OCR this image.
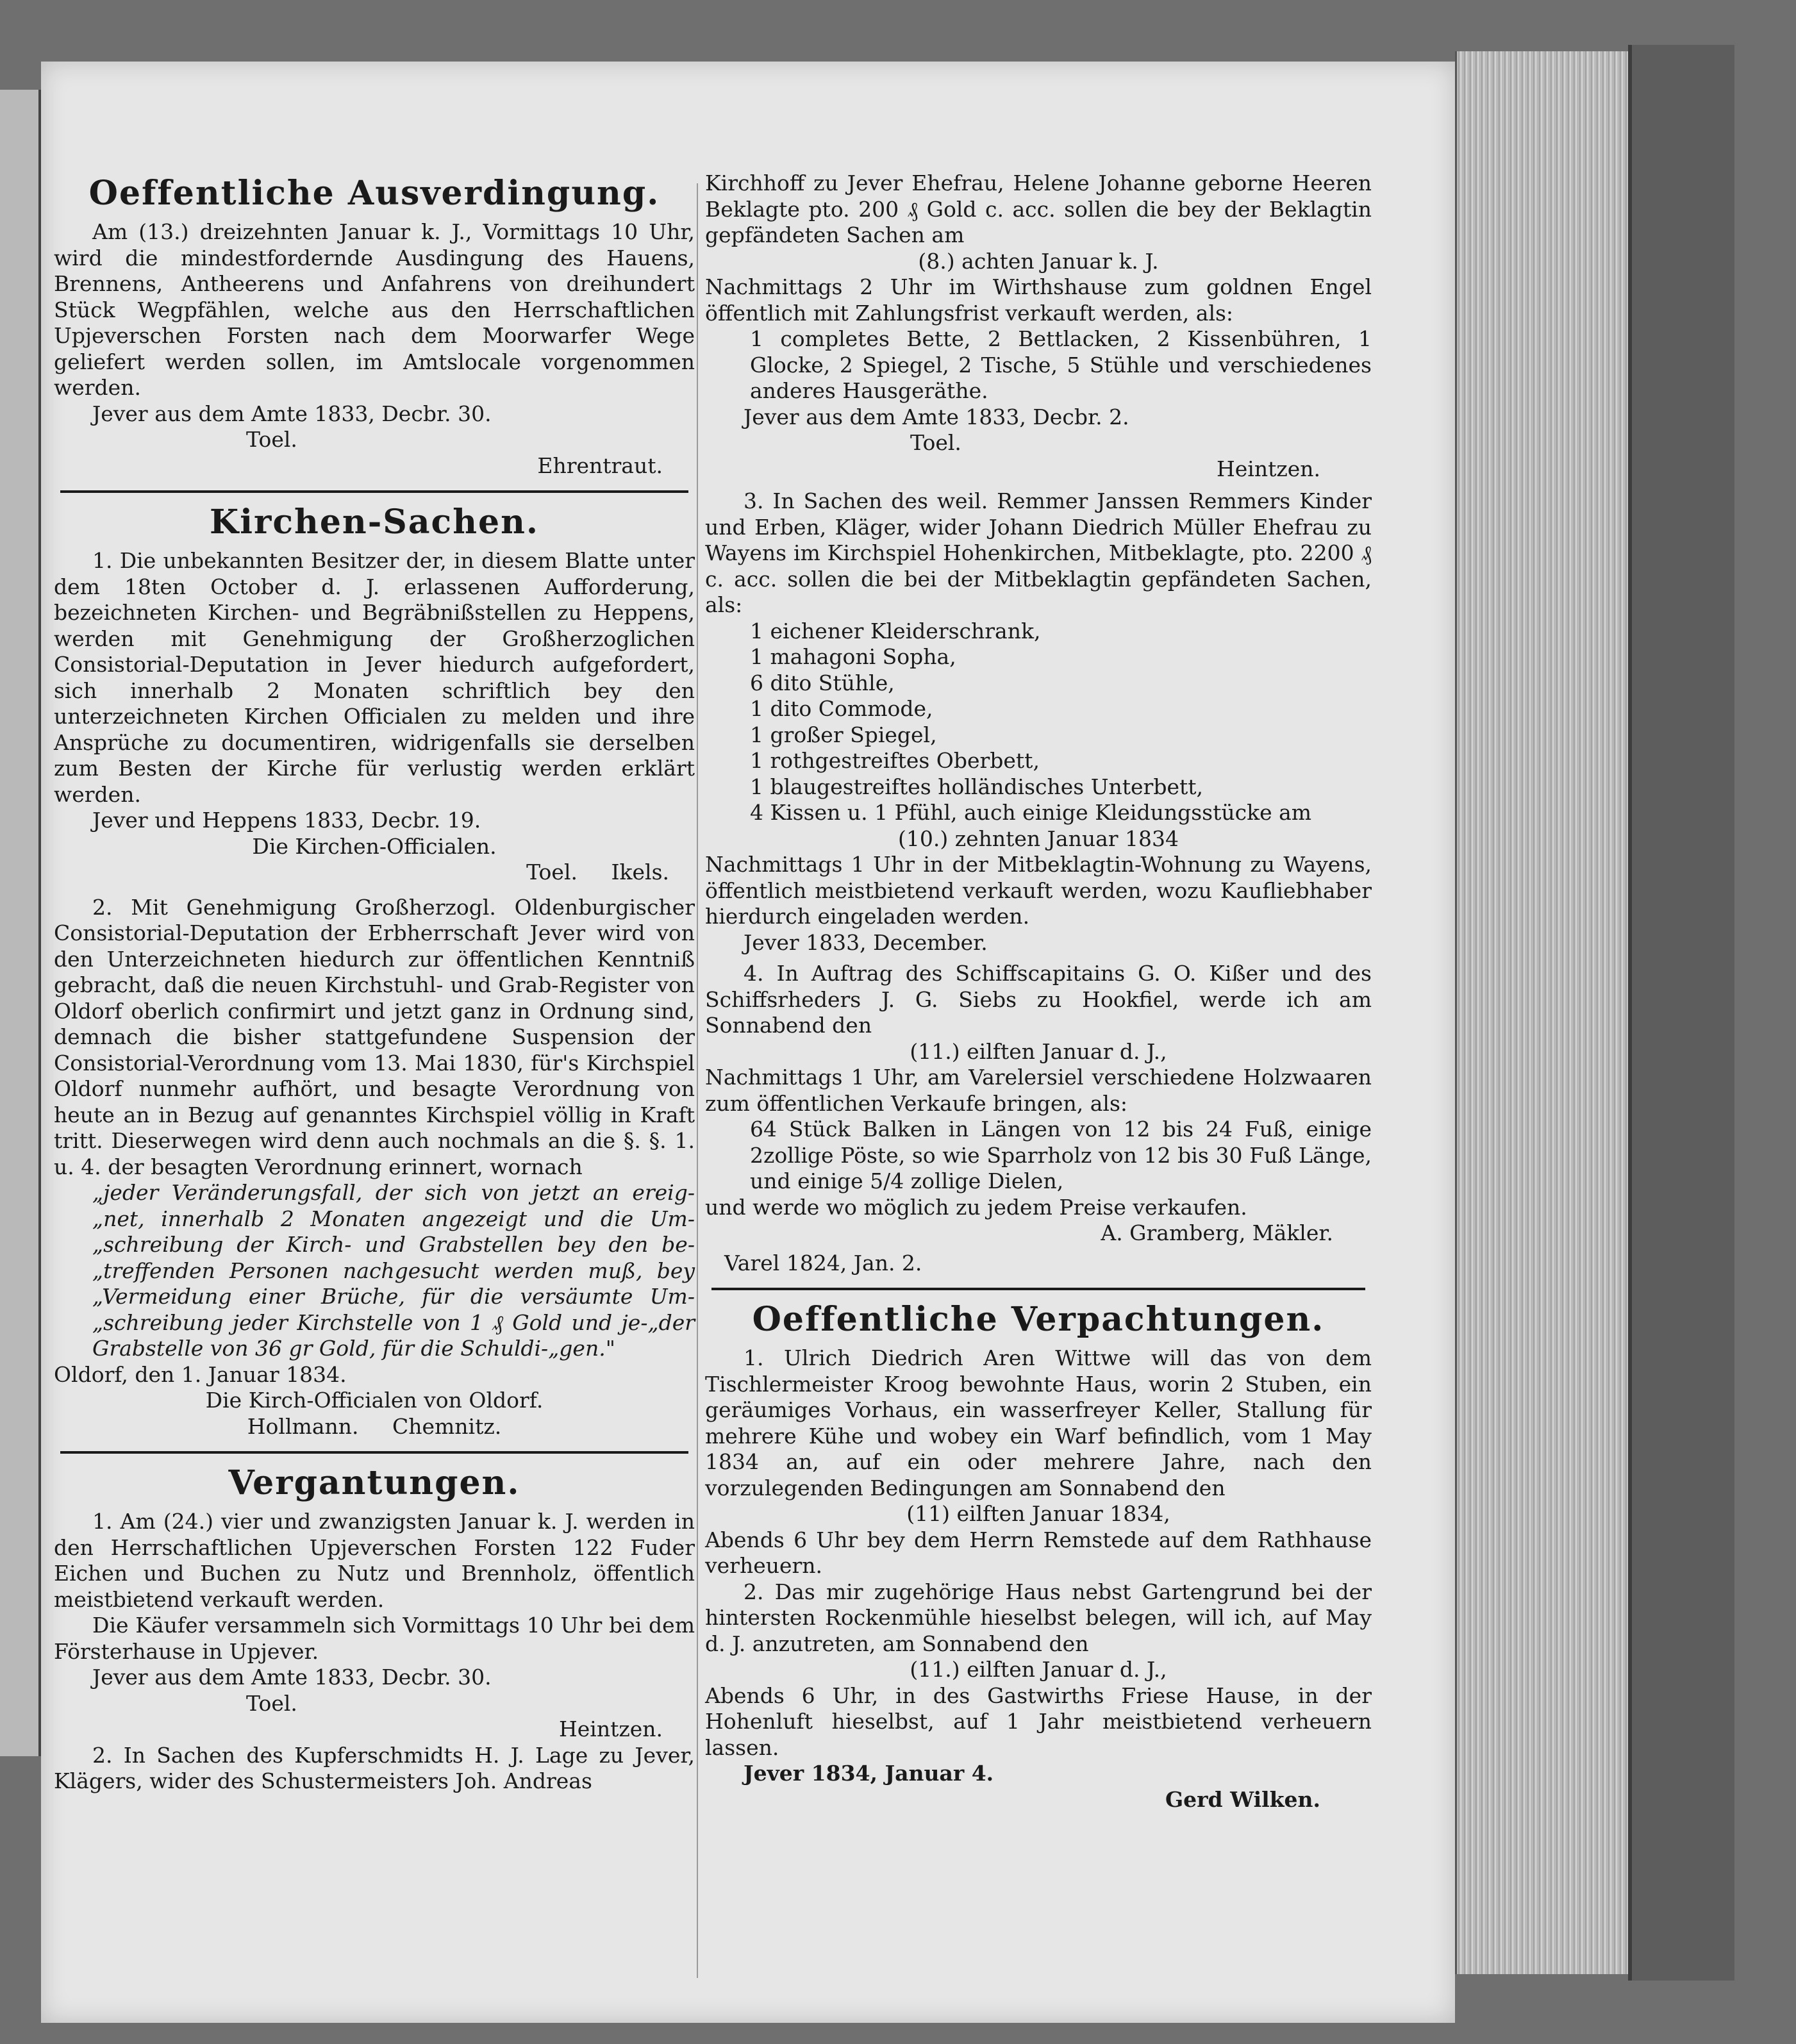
Oeffentliche Ausverdingung.

Am (13.) dreizehnten Januar k. J., Vormittags 10 Uhr, wird die mindestfordernde Ausdingung des Hauens, Brennens, Antheerens und Anfahrens von dreihundert Stück Wegpfählen, welche aus den Herrschaftlichen Upjeverschen Forsten nach dem Moorwarfer Wege geliefert werden sollen, im Amtslocale vorgenommen werden.

Jever aus dem Amte 1833, Decbr. 30.

Toel.

Ehrentraut.

Kirchen-Sachen.

1. Die unbekannten Besitzer der, in diesem Blatte unter dem 18ten October d. J. erlassenen Aufforderung, bezeichneten Kirchen- und Begräbnißstellen zu Heppens, werden mit Genehmigung der Großherzoglichen Consistorial-Deputation in Jever hiedurch aufgefordert, sich innerhalb 2 Monaten schriftlich bey den unterzeichneten Kirchen Officialen zu melden und ihre Ansprüche zu documentiren, widrigenfalls sie derselben zum Besten der Kirche für verlustig werden erklärt werden.

Jever und Heppens 1833, Decbr. 19.

Die Kirchen-Officialen.

Toel.     Ikels.

2. Mit Genehmigung Großherzogl. Oldenburgischer Consistorial-Deputation der Erbherrschaft Jever wird von den Unterzeichneten hiedurch zur öffentlichen Kenntniß gebracht, daß die neuen Kirchstuhl- und Grab-Register von Oldorf oberlich confirmirt und jetzt ganz in Ordnung sind, demnach die bisher stattgefundene Suspension der Consistorial-Verordnung vom 13. Mai 1830, für's Kirchspiel Oldorf nunmehr aufhört, und besagte Verordnung von heute an in Bezug auf genanntes Kirchspiel völlig in Kraft tritt. Dieserwegen wird denn auch nochmals an die §. §. 1. u. 4. der besagten Verordnung erinnert, wornach

„jeder Veränderungsfall, der sich von jetzt an ereig-„net, innerhalb 2 Monaten angezeigt und die Um-„schreibung der Kirch- und Grabstellen bey den be-„treffenden Personen nachgesucht werden muß, bey „Vermeidung einer Brüche, für die versäumte Um-„schreibung jeder Kirchstelle von 1 ₰ Gold und je-„der Grabstelle von 36 gr Gold, für die Schuldi-„gen."

Oldorf, den 1. Januar 1834.

Die Kirch-Officialen von Oldorf.

Hollmann.     Chemnitz.

Vergantungen.

1. Am (24.) vier und zwanzigsten Januar k. J. werden in den Herrschaftlichen Upjeverschen Forsten 122 Fuder Eichen und Buchen zu Nutz und Brennholz, öffentlich meistbietend verkauft werden.

Die Käufer versammeln sich Vormittags 10 Uhr bei dem Försterhause in Upjever.

Jever aus dem Amte 1833, Decbr. 30.

Toel.

Heintzen.

2. In Sachen des Kupferschmidts H. J. Lage zu Jever, Klägers, wider des Schustermeisters Joh. Andreas

Kirchhoff zu Jever Ehefrau, Helene Johanne geborne Heeren Beklagte pto. 200 ₰ Gold c. acc. sollen die bey der Beklagtin gepfändeten Sachen am

(8.) achten Januar k. J.

Nachmittags 2 Uhr im Wirthshause zum goldnen Engel öffentlich mit Zahlungsfrist verkauft werden, als:

1 completes Bette, 2 Bettlacken, 2 Kissenbühren, 1 Glocke, 2 Spiegel, 2 Tische, 5 Stühle und verschiedenes anderes Hausgeräthe.

Jever aus dem Amte 1833, Decbr. 2.

Toel.

Heintzen.

3. In Sachen des weil. Remmer Janssen Remmers Kinder und Erben, Kläger, wider Johann Diedrich Müller Ehefrau zu Wayens im Kirchspiel Hohenkirchen, Mitbeklagte, pto. 2200 ₰ c. acc. sollen die bei der Mitbeklagtin gepfändeten Sachen, als:

1 eichener Kleiderschrank,

1 mahagoni Sopha,

6 dito Stühle,

1 dito Commode,

1 großer Spiegel,

1 rothgestreiftes Oberbett,

1 blaugestreiftes holländisches Unterbett,

4 Kissen u. 1 Pfühl, auch einige Kleidungsstücke am

(10.) zehnten Januar 1834

Nachmittags 1 Uhr in der Mitbeklagtin-Wohnung zu Wayens, öffentlich meistbietend verkauft werden, wozu Kaufliebhaber hierdurch eingeladen werden.

Jever 1833, December.

4. In Auftrag des Schiffscapitains G. O. Kißer und des Schiffsrheders J. G. Siebs zu Hookfiel, werde ich am Sonnabend den

(11.) eilften Januar d. J.,

Nachmittags 1 Uhr, am Varelersiel verschiedene Holzwaaren zum öffentlichen Verkaufe bringen, als:

64 Stück Balken in Längen von 12 bis 24 Fuß, einige 2zollige Pöste, so wie Sparrholz von 12 bis 30 Fuß Länge, und einige 5/4 zollige Dielen,

und werde wo möglich zu jedem Preise verkaufen.

A. Gramberg, Mäkler.

Varel 1824, Jan. 2.

Oeffentliche Verpachtungen.

1. Ulrich Diedrich Aren Wittwe will das von dem Tischlermeister Kroog bewohnte Haus, worin 2 Stuben, ein geräumiges Vorhaus, ein wasserfreyer Keller, Stallung für mehrere Kühe und wobey ein Warf befindlich, vom 1 May 1834 an, auf ein oder mehrere Jahre, nach den vorzulegenden Bedingungen am Sonnabend den

(11) eilften Januar 1834,

Abends 6 Uhr bey dem Herrn Remstede auf dem Rathhause verheuern.

2. Das mir zugehörige Haus nebst Gartengrund bei der hintersten Rockenmühle hieselbst belegen, will ich, auf May d. J. anzutreten, am Sonnabend den

(11.) eilften Januar d. J.,

Abends 6 Uhr, in des Gastwirths Friese Hause, in der Hohenluft hieselbst, auf 1 Jahr meistbietend verheuern lassen.

Jever 1834, Januar 4.

Gerd Wilken.
